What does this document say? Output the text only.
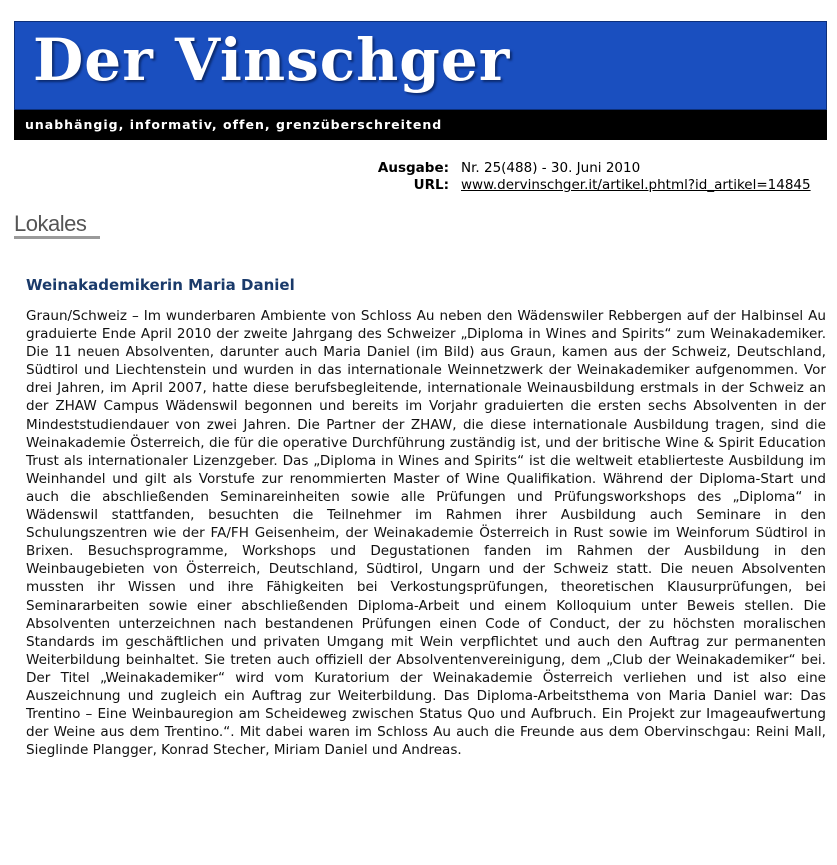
Der Vinschger
unabhängig, informativ, offen, grenzüberschreitend
Ausgabe: Nr. 25(488) - 30. Juni 2010
URL: www.dervinschger.it/artikel.phtml?id_artikel=14845
Lokales
Weinakademikerin Maria Daniel

Graun/Schweiz – Im wunderbaren Ambiente von Schloss Au neben den Wädenswiler Rebbergen auf der Halbinsel Au graduierte Ende April 2010 der zweite Jahrgang des Schweizer „Diploma in Wines and Spirits“ zum Weinakademiker. Die 11 neuen Absolventen, darunter auch Maria Daniel (im Bild) aus Graun, kamen aus der Schweiz, Deutschland, Südtirol und Liechtenstein und wurden in das internationale Weinnetzwerk der Weinakademiker aufgenommen. Vor drei Jahren, im April 2007, hatte diese berufsbegleitende, internationale Weinausbildung erstmals in der Schweiz an der ZHAW Campus Wädenswil begonnen und bereits im Vorjahr graduierten die ersten sechs Absolventen in der Mindeststudiendauer von zwei Jahren. Die Partner der ZHAW, die diese internationale Ausbildung tragen, sind die Weinakademie Österreich, die für die operative Durchführung zuständig ist, und der britische Wine & Spirit Education Trust als internationaler Lizenzgeber. Das „Diploma in Wines and Spirits“ ist die weltweit etablierteste Ausbildung im Weinhandel und gilt als Vorstufe zur renommierten Master of Wine Qualifikation. Während der Diploma-Start und auch die abschließenden Seminareinheiten sowie alle Prüfungen und Prüfungsworkshops des „Diploma“ in Wädenswil stattfanden, besuchten die Teilnehmer im Rahmen ihrer Ausbildung auch Seminare in den Schulungszentren wie der FA/FH Geisenheim, der Weinakademie Österreich in Rust sowie im Weinforum Südtirol in Brixen. Besuchsprogramme, Workshops und Degustationen fanden im Rahmen der Ausbildung in den Weinbaugebieten von Österreich, Deutschland, Südtirol, Ungarn und der Schweiz statt. Die neuen Absolventen mussten ihr Wissen und ihre Fähigkeiten bei Verkostungsprüfungen, theoretischen Klausurprüfungen, bei Seminararbeiten sowie einer abschließenden Diploma-Arbeit und einem Kolloquium unter Beweis stellen. Die Absolventen unterzeichnen nach bestandenen Prüfungen einen Code of Conduct, der zu höchsten moralischen Standards im geschäftlichen und privaten Umgang mit Wein verpflichtet und auch den Auftrag zur permanenten Weiterbildung beinhaltet. Sie treten auch offiziell der Absolventenvereinigung, dem „Club der Weinakademiker“ bei. Der Titel „Weinakademiker“ wird vom Kuratorium der Weinakademie Österreich verliehen und ist also eine Auszeichnung und zugleich ein Auftrag zur Weiterbildung. Das Diploma-Arbeitsthema von Maria Daniel war: Das Trentino – Eine Weinbauregion am Scheideweg zwischen Status Quo und Aufbruch. Ein Projekt zur Imageaufwertung der Weine aus dem Trentino.“. Mit dabei waren im Schloss Au auch die Freunde aus dem Obervinschgau: Reini Mall, Sieglinde Plangger, Konrad Stecher, Miriam Daniel und Andreas.
